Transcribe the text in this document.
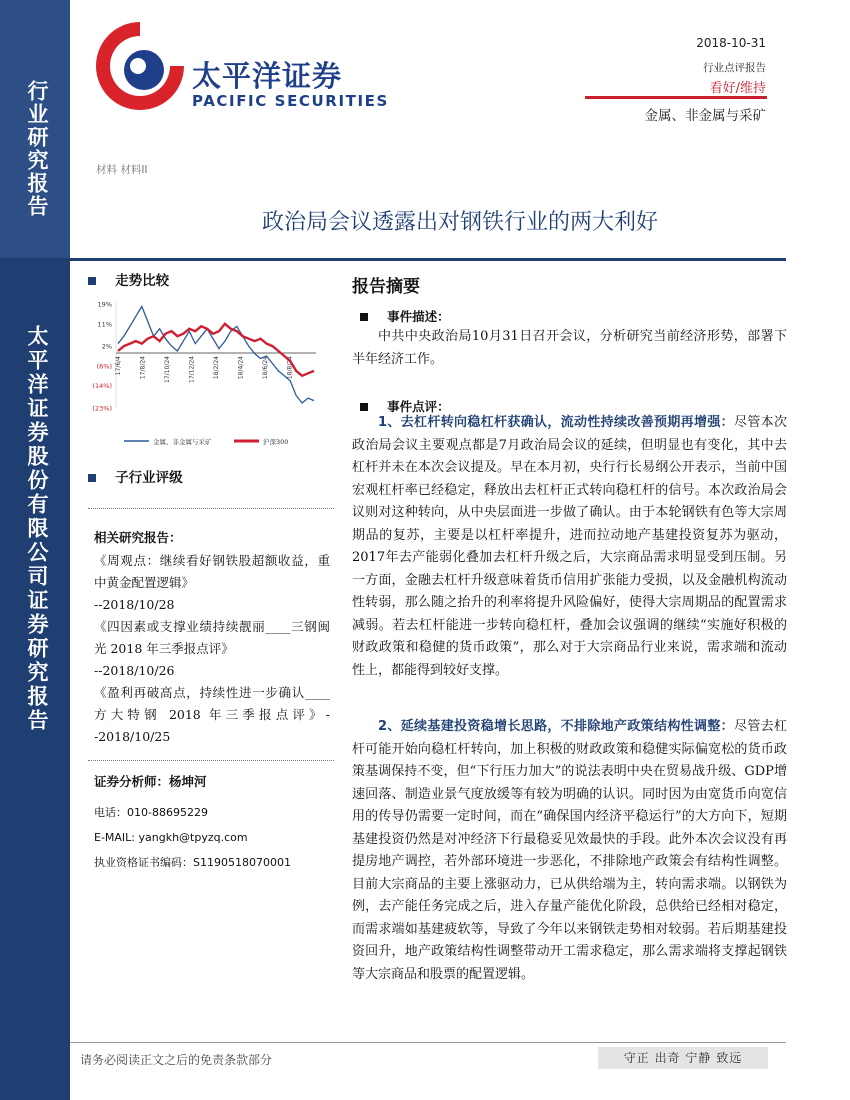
行业研究报告
太平洋证券股份有限公司证券研究报告
太平洋证券
PACIFIC SECURITIES
2018-10-31
行业点评报告
看好/维持
金属、非金属与采矿
材料 材料II
政治局会议透露出对钢铁行业的两大利好
走势比较
19%
11%
2%
(6%)
(14%)
(23%)
17/6/4	17/8/24	17/10/24	17/12/24	18/2/24	18/4/24	18/6/24	18/8/24
金属、非金属与采矿	沪深300
子行业评级
相关研究报告：
《周观点：继续看好钢铁股超额收益，重中黄金配置逻辑》
--2018/10/28
《四因素或支撑业绩持续靓丽____三钢闽光 2018 年三季报点评》
--2018/10/26
《盈利再破高点，持续性进一步确认____方大特钢 2018 年三季报点评》--2018/10/25
证券分析师：杨坤河
电话：010-88695229
E-MAIL: yangkh@tpyzq.com
执业资格证书编码：S1190518070001
报告摘要
事件描述：
中共中央政治局10月31日召开会议，分析研究当前经济形势，部署下半年经济工作。
事件点评：
1、去杠杆转向稳杠杆获确认，流动性持续改善预期再增强：尽管本次政治局会议主要观点都是7月政治局会议的延续，但明显也有变化，其中去杠杆并未在本次会议提及。早在本月初，央行行长易纲公开表示，当前中国宏观杠杆率已经稳定，释放出去杠杆正式转向稳杠杆的信号。本次政治局会议则对这种转向，从中央层面进一步做了确认。由于本轮钢铁有色等大宗周期品的复苏，主要是以杠杆率提升，进而拉动地产基建投资复苏为驱动，2017年去产能弱化叠加去杠杆升级之后，大宗商品需求明显受到压制。另一方面，金融去杠杆升级意味着货币信用扩张能力受损，以及金融机构流动性转弱，那么随之抬升的利率将提升风险偏好，使得大宗周期品的配置需求减弱。若去杠杆能进一步转向稳杠杆，叠加会议强调的继续“实施好积极的财政政策和稳健的货币政策”，那么对于大宗商品行业来说，需求端和流动性上，都能得到较好支撑。
2、延续基建投资稳增长思路，不排除地产政策结构性调整：尽管去杠杆可能开始向稳杠杆转向，加上积极的财政政策和稳健实际偏宽松的货币政策基调保持不变，但“下行压力加大”的说法表明中央在贸易战升级、GDP增速回落、制造业景气度放缓等有较为明确的认识。同时因为由宽货币向宽信用的传导仍需要一定时间，而在“确保国内经济平稳运行”的大方向下，短期基建投资仍然是对冲经济下行最稳妥见效最快的手段。此外本次会议没有再提房地产调控，若外部环境进一步恶化，不排除地产政策会有结构性调整。目前大宗商品的主要上涨驱动力，已从供给端为主，转向需求端。以钢铁为例，去产能任务完成之后，进入存量产能优化阶段，总供给已经相对稳定，而需求端如基建疲软等，导致了今年以来钢铁走势相对较弱。若后期基建投资回升，地产政策结构性调整带动开工需求稳定，那么需求端将支撑起钢铁等大宗商品和股票的配置逻辑。
请务必阅读正文之后的免责条款部分	守正 出奇 宁静 致远
